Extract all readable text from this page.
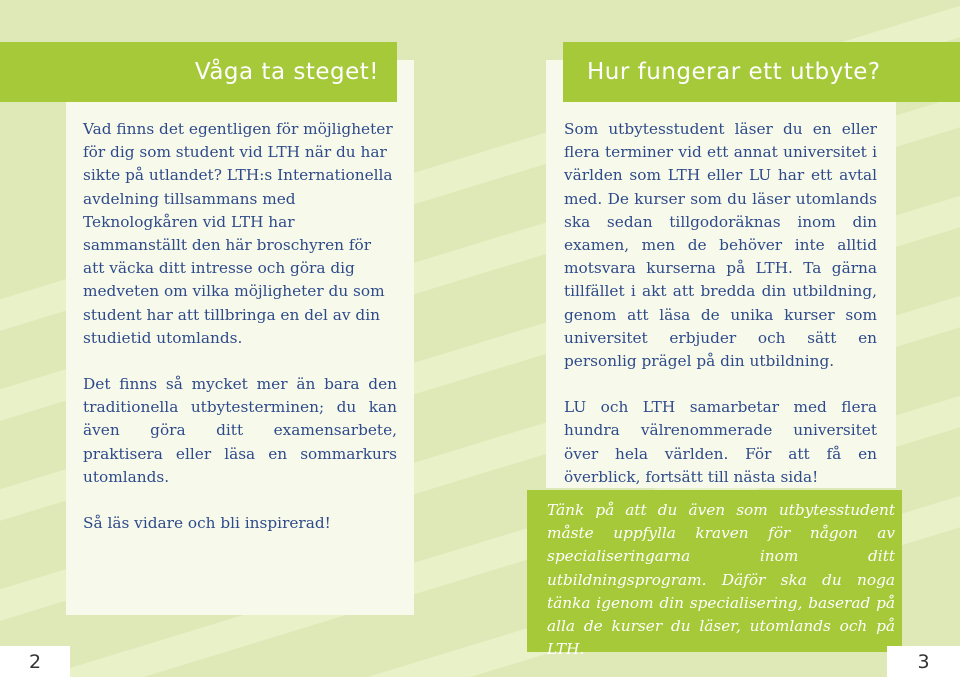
Våga ta steget!

Vad finns det egentligen för möjligheter för dig som student vid LTH när du har sikte på utlandet? LTH:s Internationella avdelning tillsammans med Teknologkåren vid LTH har sammanställt den här broschyren för att väcka ditt intresse och göra dig medveten om vilka möjligheter du som student har att tillbringa en del av din studietid utomlands.

Det finns så mycket mer än bara den traditionella utbytesterminen; du kan även göra ditt examensarbete, praktisera eller läsa en sommarkurs utomlands.

Så läs vidare och bli inspirerad!

2
Hur fungerar ett utbyte?

Som utbytesstudent läser du en eller flera terminer vid ett annat universitet i världen som LTH eller LU har ett avtal med. De kurser som du läser utomlands ska sedan tillgodoräknas inom din examen, men de behöver inte alltid motsvara kurserna på LTH. Ta gärna tillfället i akt att bredda din utbildning, genom att läsa de unika kurser som universitet erbjuder och sätt en personlig prägel på din utbildning.

LU och LTH samarbetar med flera hundra välrenommerade universitet över hela världen. För att få en överblick, fortsätt till nästa sida!

Tänk på att du även som utbytesstudent måste uppfylla kraven för någon av specialiseringarna inom ditt utbildningsprogram. Däför ska du noga tänka igenom din specialisering, baserad på alla de kurser du läser, utomlands och på LTH.
3
